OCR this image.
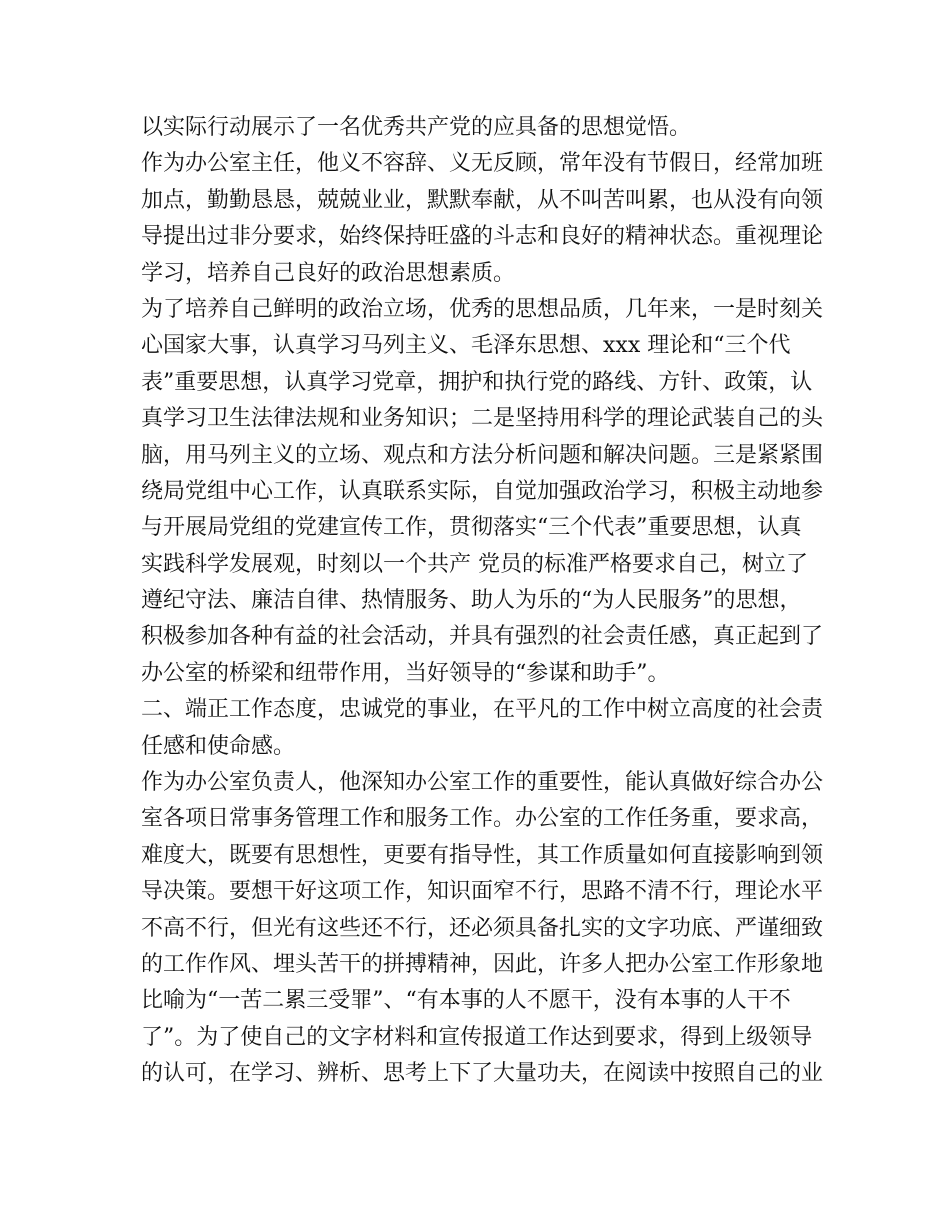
以实际行动展示了一名优秀共产党的应具备的思想觉悟。
作为办公室主任，他义不容辞、义无反顾，常年没有节假日，经常加班
加点，勤勤恳恳，兢兢业业，默默奉献，从不叫苦叫累，也从没有向领
导提出过非分要求，始终保持旺盛的斗志和良好的精神状态。重视理论
学习，培养自己良好的政治思想素质。
为了培养自己鲜明的政治立场，优秀的思想品质，几年来，一是时刻关
心国家大事，认真学习马列主义、毛泽东思想、xxx 理论和“三个代
表”重要思想，认真学习党章，拥护和执行党的路线、方针、政策，认
真学习卫生法律法规和业务知识；二是坚持用科学的理论武装自己的头
脑，用马列主义的立场、观点和方法分析问题和解决问题。三是紧紧围
绕局党组中心工作，认真联系实际，自觉加强政治学习，积极主动地参
与开展局党组的党建宣传工作，贯彻落实“三个代表”重要思想，认真
实践科学发展观，时刻以一个共产 党员的标准严格要求自己，树立了
遵纪守法、廉洁自律、热情服务、助人为乐的“为人民服务”的思想，
积极参加各种有益的社会活动，并具有强烈的社会责任感，真正起到了
办公室的桥梁和纽带作用，当好领导的“参谋和助手”。
二、端正工作态度，忠诚党的事业，在平凡的工作中树立高度的社会责
任感和使命感。
作为办公室负责人，他深知办公室工作的重要性，能认真做好综合办公
室各项日常事务管理工作和服务工作。办公室的工作任务重，要求高，
难度大，既要有思想性，更要有指导性，其工作质量如何直接影响到领
导决策。要想干好这项工作，知识面窄不行，思路不清不行，理论水平
不高不行，但光有这些还不行，还必须具备扎实的文字功底、严谨细致
的工作作风、埋头苦干的拼搏精神，因此，许多人把办公室工作形象地
比喻为“一苦二累三受罪”、“有本事的人不愿干，没有本事的人干不
了”。为了使自己的文字材料和宣传报道工作达到要求，得到上级领导
的认可，在学习、辨析、思考上下了大量功夫，在阅读中按照自己的业
